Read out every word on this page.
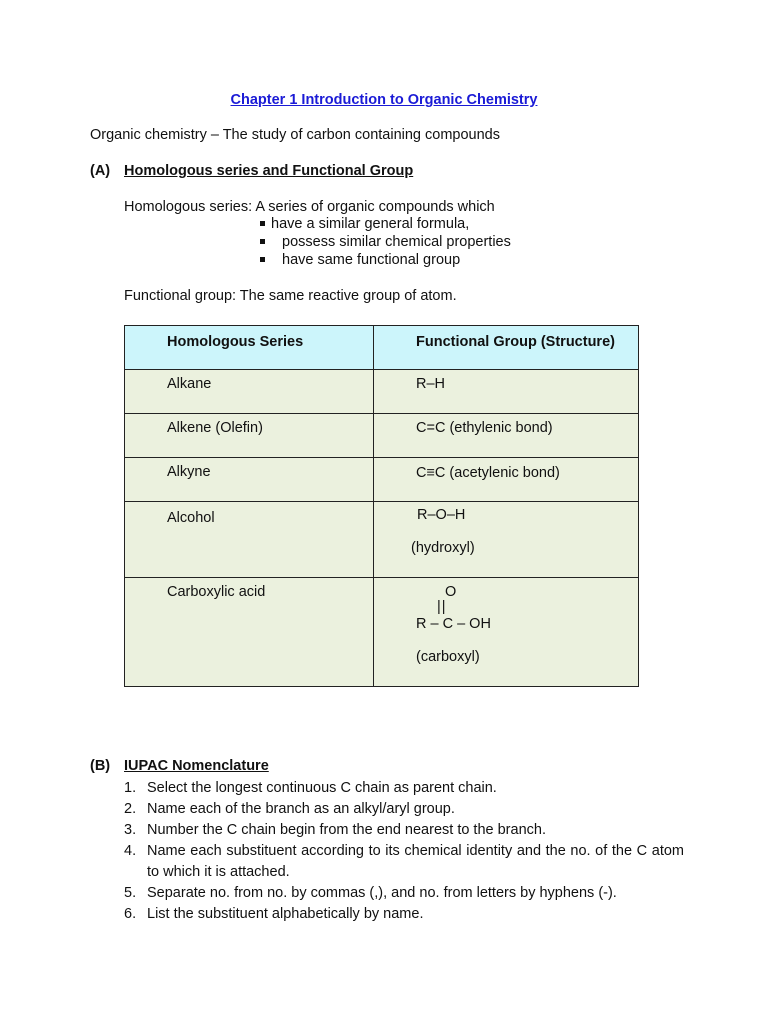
Chapter 1 Introduction to Organic Chemistry
Organic chemistry – The study of carbon containing compounds
(A) Homologous series and Functional Group
Homologous series: A series of organic compounds which
have a similar general formula,
possess similar chemical properties
have same functional group
Functional group: The same reactive group of atom.
Homologous Series	Functional Group (Structure)

Alkane	R–H

Alkene (Olefin)	C=C (ethylenic bond)

Alkyne	C≡C (acetylenic bond)

Alcohol	R–O–H
(hydroxyl)

Carboxylic acid	O
||
R – C – OH
(carboxyl)
(B) IUPAC Nomenclature
1. Select the longest continuous C chain as parent chain.
2. Name each of the branch as an alkyl/aryl group.
3. Number the C chain begin from the end nearest to the branch.
4. Name each substituent according to its chemical identity and the no. of the C atom to which it is attached.
5. Separate no. from no. by commas (,), and no. from letters by hyphens (-).
6. List the substituent alphabetically by name.
